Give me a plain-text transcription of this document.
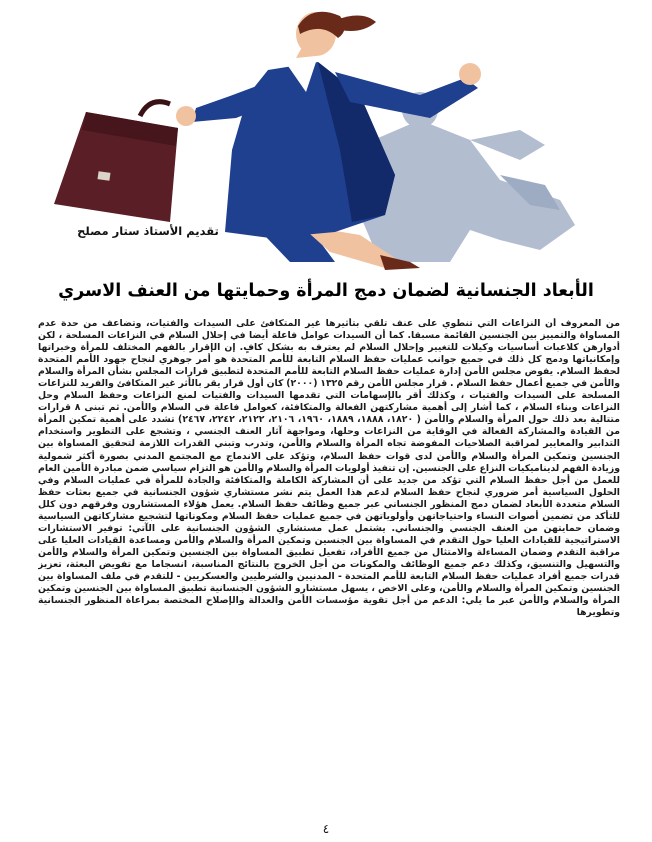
تقديم الأستاذ ستار مصلح
الأبعاد الجنسانية لضمان دمج المرأة وحمايتها من العنف الاسري

من المعروف أن النزاعات التي تنطوي على عنف تلقي بتأثيرها غير المتكافئ على السيدات والفتيات، وتضاعف من حدة عدم المساواة والتمييز بين الجنسين القائمة مسبقا. كما أن السيدات عوامل فاعلة أيضا في إحلال السلام في النزاعات المسلحة ، لكن أدوارهن كلاعبات أساسيات وكيلات للتغيير وإحلال السلام لم يعترف به بشكل كافٍ. إن الإقرار بالفهم المختلف للمرأة وخبراتها وإمكانياتها ودمج كل ذلك في جميع جوانب عمليات حفظ السلام التابعة للأمم المتحدة هو أمر جوهري لنجاح جهود الأمم المتحدة لحفظ السلام. يفوض مجلس الأمن إدارة عمليات حفظ السلام التابعة للأمم المتحدة لتطبيق قرارات المجلس بشأن المرأة والسلام والأمن في جميع أعمال حفظ السلام . قرار مجلس الأمن رقم ١٣٢٥ (٢٠٠٠) كان أول قرار يقر بالأثر غير المتكافئ والفريد للنزاعات المسلحة على السيدات والفتيات ، وكذلك أقر بالإسهامات التي تقدمها السيدات والفتيات لمنع النزاعات وحفظ السلام وحل النزاعات وبناء السلام ، كما أشار إلى أهمية مشاركتهن الفعالة والمتكافئة، كعوامل فاعلة في السلام والأمن. ثم تبنى ٨ قرارات متتالية بعد ذلك حول المرأة والسلام والأمن ( ١٨٢٠، ١٨٨٨، ١٨٨٩، ١٩٦٠، ٢١٠٦، ٢١٢٢، ٢٢٤٢، ٢٤٦٧) تشدد على أهمية تمكين المرأة من القيادة والمشاركة الفعالة في الوقاية من النزاعات وحلها، ومواجهة آثار العنف الجنسي ، وتشجع على التطوير واستخدام التدابير والمعايير لمراقبة الصلاحيات المفوضة تجاه المرأة والسلام والأمن، وتدرب وتبني القدرات اللازمة لتحقيق المساواة بين الجنسين وتمكين المرأة والسلام والأمن لدى قوات حفظ السلام، وتؤكد على الاندماج مع المجتمع المدني بصورة أكثر شمولية وزيادة الفهم لديناميكيات النزاع على الجنسين. إن تنفيذ أولويات المرأة والسلام والأمن هو التزام سياسي ضمن مبادرة الأمين العام للعمل من أجل حفظ السلام التي تؤكد من جديد على أن المشاركة الكاملة والمتكافئة والجادة للمرأة في عمليات السلام وفي الحلول السياسية أمر ضروري لنجاح حفظ السلام لدعم هذا العمل يتم نشر مستشاري شؤون الجنسانية في جميع بعثات حفظ السلام متعددة الأبعاد لضمان دمج المنظور الجنساني عبر جميع وظائف حفظ السلام. يعمل هؤلاء المستشارون وفرقهم دون كلل للتأكد من تضمين أصوات النساء واحتياجاتهن وأولوياتهن في جميع عمليات حفظ السلام ومكوناتها لتشجيع مشاركاتهن السياسية وضمان حمايتهن من العنف الجنسي والجنساني. يشتمل عمل مستشاري الشؤون الجنسانية على الآتي: توفير الاستشارات الاستراتيجية للقيادات العليا حول التقدم في المساواة بين الجنسين وتمكين المرأة والسلام والأمن ومساعدة القيادات العليا على مراقبة التقدم وضمان المساءلة والامتثال من جميع الأفراد، تفعيل تطبيق المساواة بين الجنسين وتمكين المرأة والسلام والأمن والتسهيل والتنسيق، وكذلك دعم جميع الوظائف والمكونات من أجل الخروج بالنتائج المناسبة، انسجاما مع تفويض البعثة، تعزيز قدرات جميع أفراد عمليات حفظ السلام التابعة للأمم المتحدة - المدنيين والشرطيين والعسكريين - للتقدم في ملف المساواة بين الجنسين وتمكين المرأة والسلام والأمن، وعلى الاخص ، يسهل مستشارو الشؤون الجنسانية تطبيق المساواة بين الجنسين وتمكين المرأة والسلام والأمن عبر ما يلي: الدعم من أجل تقوية مؤسسات الأمن والعدالة والإصلاح المختصة بمراعاة المنظور الجنسانية وتطويرها

٤
